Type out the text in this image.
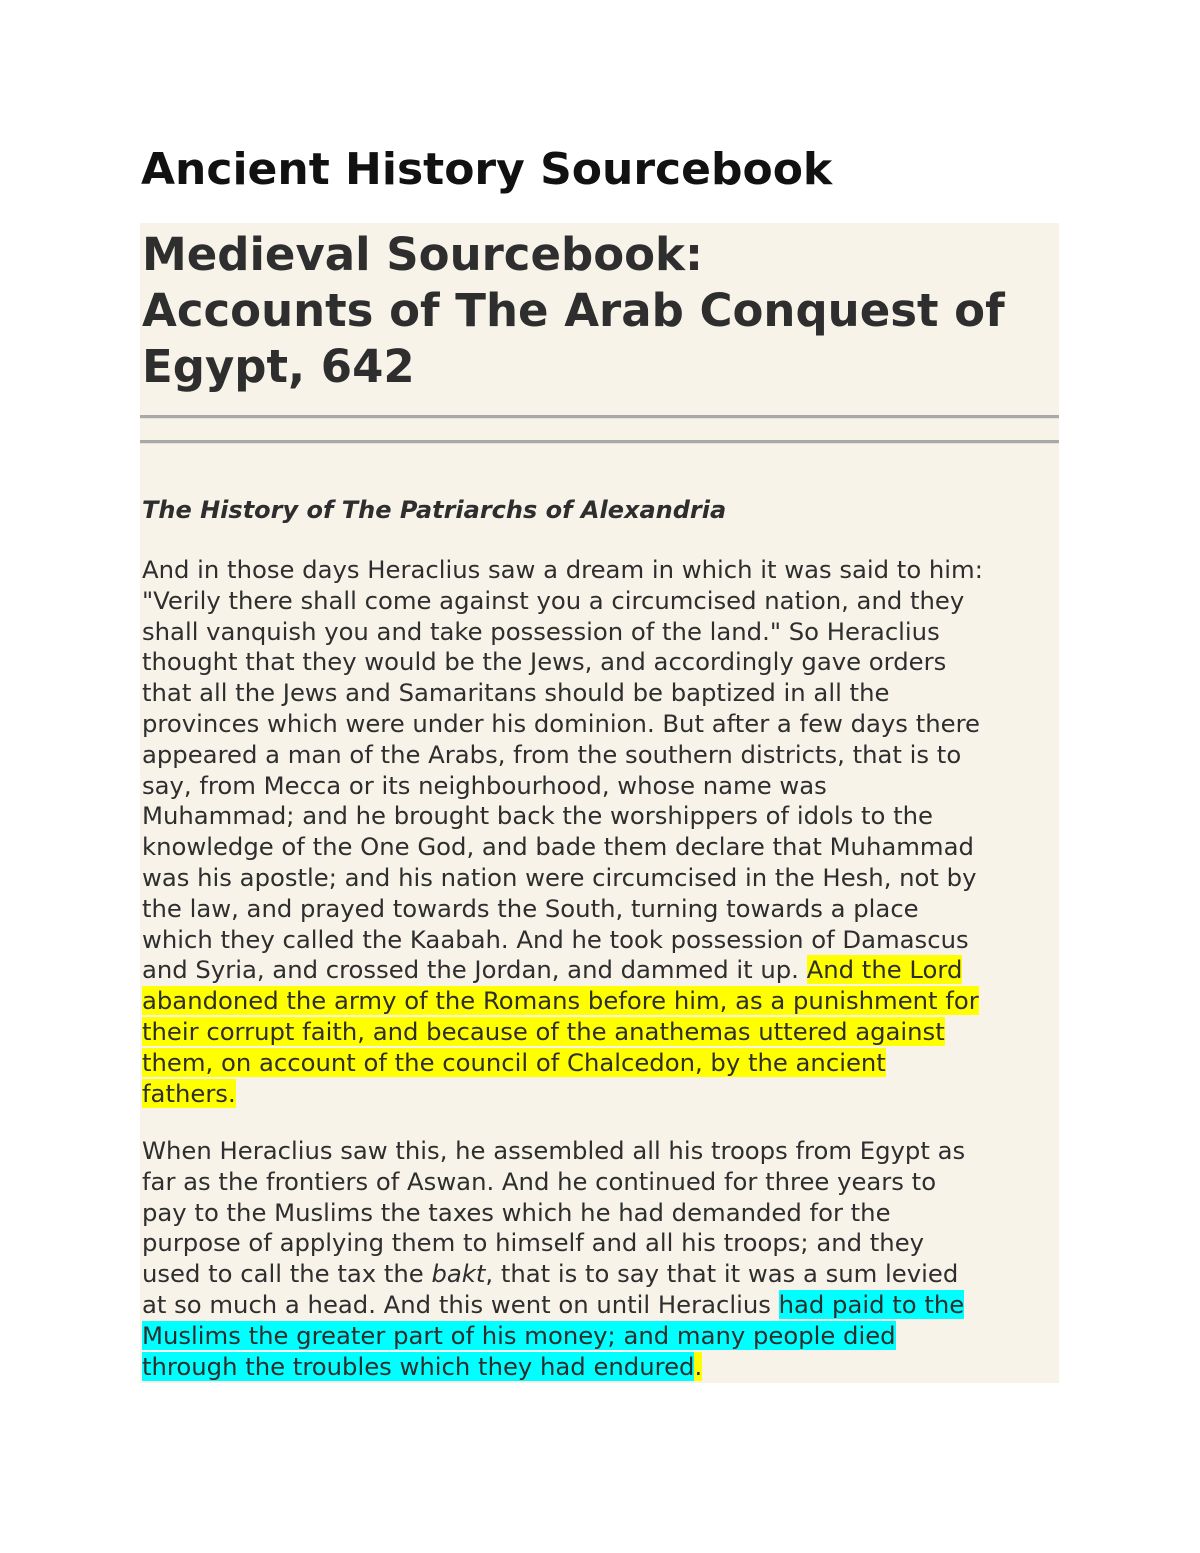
Ancient History Sourcebook
Medieval Sourcebook:
Accounts of The Arab Conquest of
Egypt, 642
The History of The Patriarchs of Alexandria

And in those days Heraclius saw a dream in which it was said to him:
"Verily there shall come against you a circumcised nation, and they
shall vanquish you and take possession of the land." So Heraclius
thought that they would be the Jews, and accordingly gave orders
that all the Jews and Samaritans should be baptized in all the
provinces which were under his dominion. But after a few days there
appeared a man of the Arabs, from the southern districts, that is to
say, from Mecca or its neighbourhood, whose name was
Muhammad; and he brought back the worshippers of idols to the
knowledge of the One God, and bade them declare that Muhammad
was his apostle; and his nation were circumcised in the Hesh, not by
the law, and prayed towards the South, turning towards a place
which they called the Kaabah. And he took possession of Damascus
and Syria, and crossed the Jordan, and dammed it up. And the Lord
abandoned the army of the Romans before him, as a punishment for
their corrupt faith, and because of the anathemas uttered against
them, on account of the council of Chalcedon, by the ancient
fathers.

When Heraclius saw this, he assembled all his troops from Egypt as
far as the frontiers of Aswan. And he continued for three years to
pay to the Muslims the taxes which he had demanded for the
purpose of applying them to himself and all his troops; and they
used to call the tax the bakt, that is to say that it was a sum levied
at so much a head. And this went on until Heraclius had paid to the
Muslims the greater part of his money; and many people died
through the troubles which they had endured.
